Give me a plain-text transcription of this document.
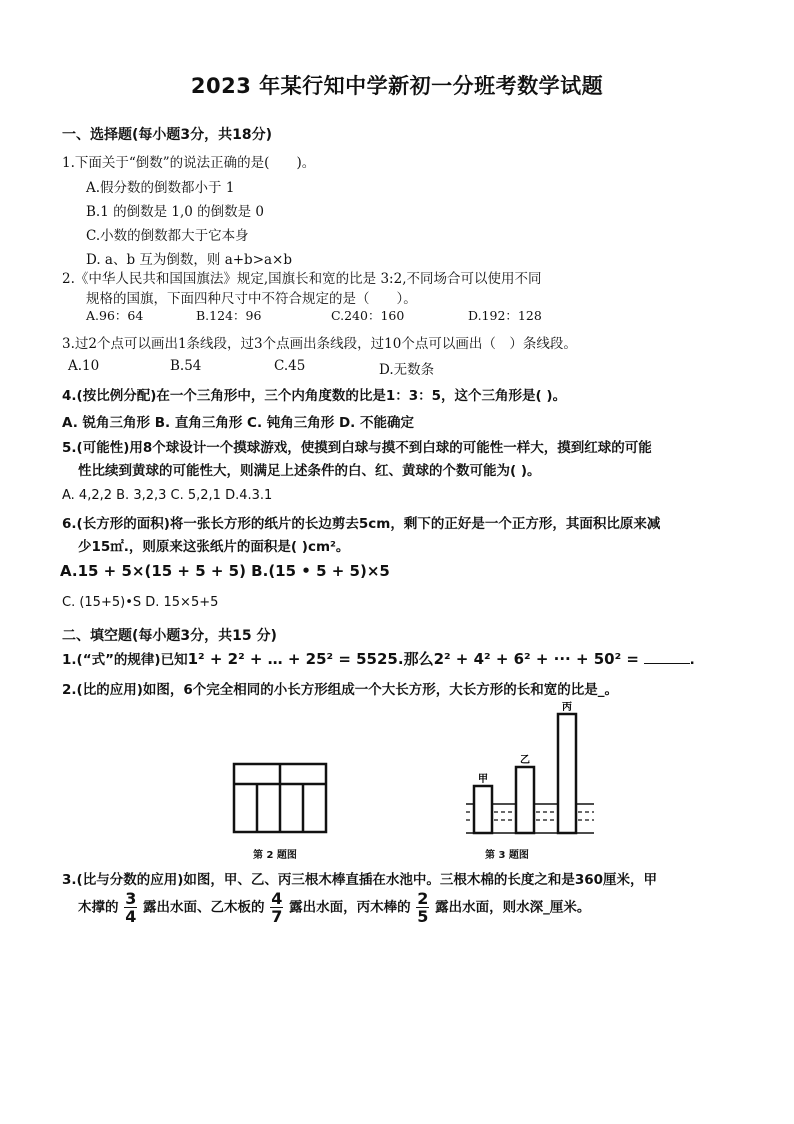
2023 年某行知中学新初一分班考数学试题
一、选择题(每小题3分，共18分)
1.下面关于“倒数”的说法正确的是(　　)。
A.假分数的倒数都小于 1
B.1 的倒数是 1,0 的倒数是 0
C.小数的倒数都大于它本身
D. a、b 互为倒数，则 a+b>a×b
2.《中华人民共和国国旗法》规定,国旗长和宽的比是 3:2,不同场合可以使用不同
规格的国旗，下面四种尺寸中不符合规定的是（　　）。
A.96：64	B.124：96	C.240：160	D.192：128
3.过2个点可以画出1条线段，过3个点画出条线段，过10个点可以画出（　）条线段。
A.10	B.54	C.45	D.无数条
4.(按比例分配)在一个三角形中，三个内角度数的比是1：3：5，这个三角形是( )。
A. 锐角三角形 B. 直角三角形 C. 钝角三角形 D. 不能确定
5.(可能性)用8个球设计一个摸球游戏，使摸到白球与摸不到白球的可能性一样大，摸到红球的可能
性比续到黄球的可能性大，则满足上述条件的白、红、黄球的个数可能为( )。
A. 4,2,2 B. 3,2,3 C. 5,2,1 D.4.3.1
6.(长方形的面积)将一张长方形的纸片的长边剪去5cm，剩下的正好是一个正方形，其面积比原来减
少15㎡.，则原来这张纸片的面积是( )cm²。
A.15 + 5×(15 + 5 + 5) B.(15 • 5 + 5)×5
C. (15+5)•S D. 15×5+5
二、填空题(每小题3分，共15 分)
1.(“式”的规律)已知1² + 2² + … + 25² = 5525.那么2² + 4² + 6² + ··· + 50² =	.
2.(比的应用)如图，6个完全相同的小长方形组成一个大长方形，大长方形的长和宽的比是_。
第 2 题图
甲
乙
丙
第 3 题图
3.(比与分数的应用)如图，甲、乙、丙三根木棒直插在水池中。三根木棉的长度之和是360厘米，甲
木撑的 $\frac{3}{4}$ 露出水面、乙木板的 $\frac{4}{7}$ 露出水面，丙木棒的 $\frac{2}{5}$ 露出水面，则水深_厘米。
